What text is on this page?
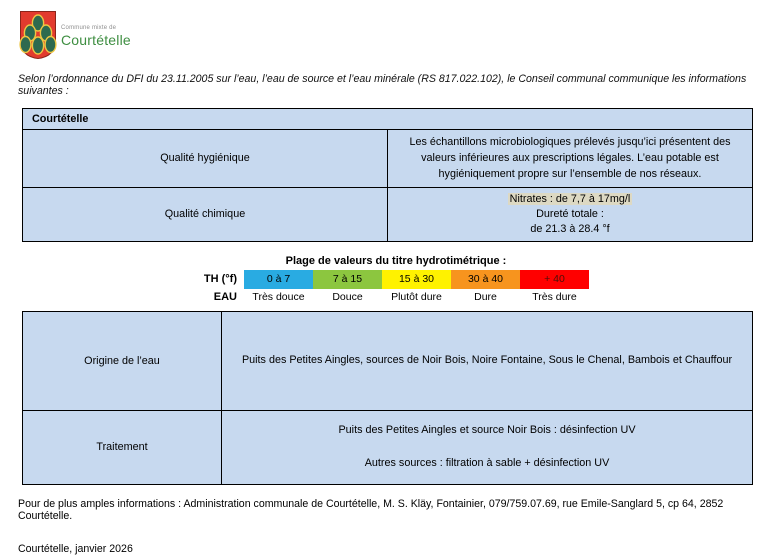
Commune mixte de
Courtételle

Selon l’ordonnance du DFI du 23.11.2005 sur l’eau, l’eau de source et l’eau minérale (RS 817.022.102), le Conseil communal communique les informations suivantes :

Courtételle	
Qualité hygiénique	Les échantillons microbiologiques prélevés jusqu’ici présentent des valeurs inférieures aux prescriptions légales. L’eau potable est hygiéniquement propre sur l’ensemble de nos réseaux.
Qualité chimique	Nitrates : de 7,7 à 17mg/l
Dureté totale :
de 21.3 à 28.4 °f
Plage de valeurs du titre hydrotimétrique :
TH (°f)	0 à 7	7 à 15	15 à 30	30 à 40	+ 40
EAU	Très douce	Douce	Plutôt dure	Dure	Très dure
Origine de l’eau	Puits des Petites Aingles, sources de Noir Bois, Noire Fontaine, Sous le Chenal, Bambois et Chauffour
Traitement	Puits des Petites Aingles et source Noir Bois : désinfection UV
Autres sources : filtration à sable + désinfection UV

Pour de plus amples informations : Administration communale de Courtételle, M. S. Kläy, Fontainier, 079/759.07.69, rue Emile-Sanglard 5, cp 64, 2852 Courtételle.

Courtételle, janvier 2026
